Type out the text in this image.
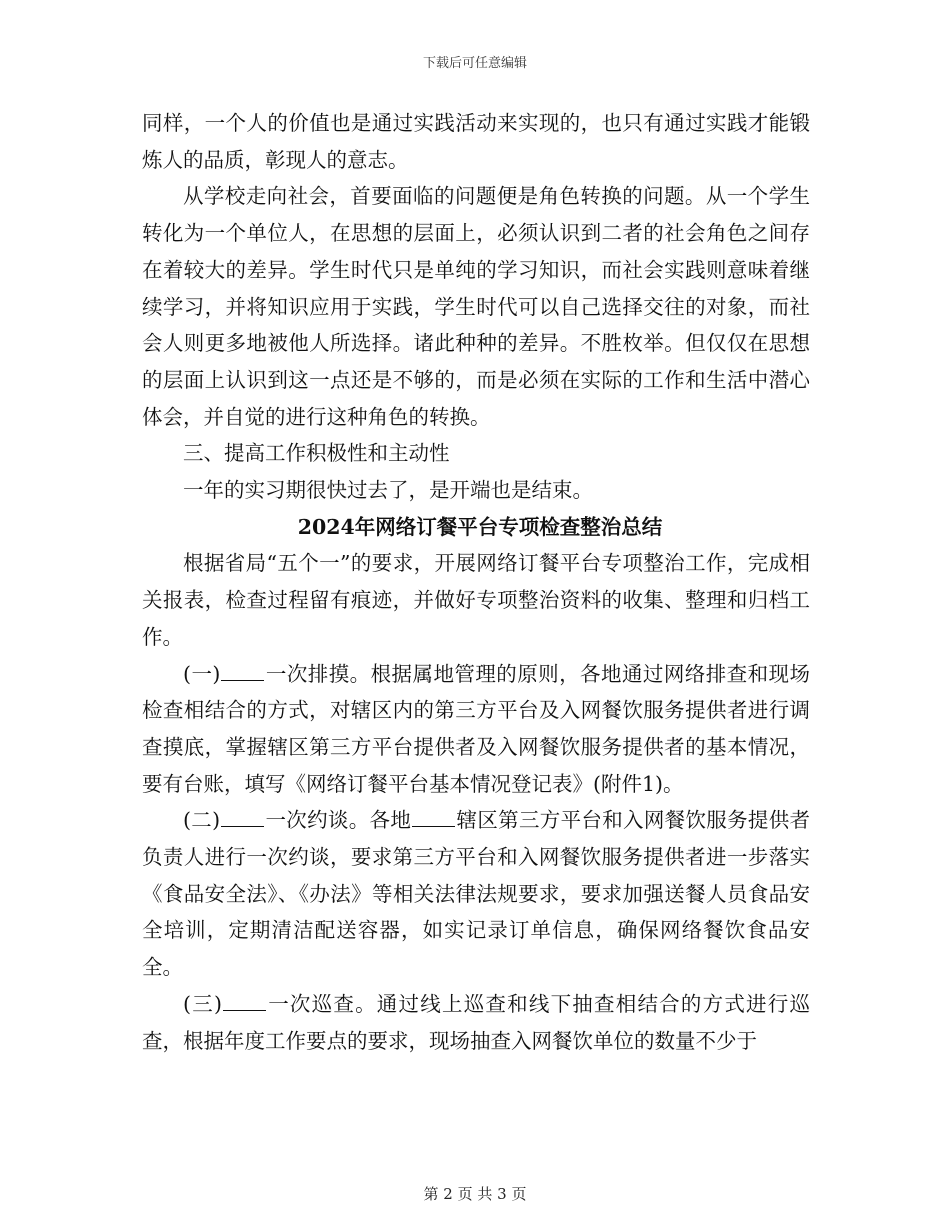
下载后可任意编辑

同样，一个人的价值也是通过实践活动来实现的，也只有通过实践才能锻炼人的品质，彰现人的意志。

从学校走向社会，首要面临的问题便是角色转换的问题。从一个学生转化为一个单位人，在思想的层面上，必须认识到二者的社会角色之间存在着较大的差异。学生时代只是单纯的学习知识，而社会实践则意味着继续学习，并将知识应用于实践，学生时代可以自己选择交往的对象，而社会人则更多地被他人所选择。诸此种种的差异。不胜枚举。但仅仅在思想的层面上认识到这一点还是不够的，而是必须在实际的工作和生活中潜心体会，并自觉的进行这种角色的转换。

三、提高工作积极性和主动性

一年的实习期很快过去了，是开端也是结束。

2024年网络订餐平台专项检查整治总结

根据省局“五个一”的要求，开展网络订餐平台专项整治工作，完成相关报表，检查过程留有痕迹，并做好专项整治资料的收集、整理和归档工作。

(一) 一次排摸。根据属地管理的原则，各地通过网络排查和现场检查相结合的方式，对辖区内的第三方平台及入网餐饮服务提供者进行调查摸底，掌握辖区第三方平台提供者及入网餐饮服务提供者的基本情况，要有台账，填写《网络订餐平台基本情况登记表》(附件1)。

(二) 一次约谈。各地 辖区第三方平台和入网餐饮服务提供者负责人进行一次约谈，要求第三方平台和入网餐饮服务提供者进一步落实《食品安全法》、《办法》等相关法律法规要求，要求加强送餐人员食品安全培训，定期清洁配送容器，如实记录订单信息，确保网络餐饮食品安全。

(三) 一次巡查。通过线上巡查和线下抽查相结合的方式进行巡查，根据年度工作要点的要求，现场抽查入网餐饮单位的数量不少于

第 2 页 共 3 页
